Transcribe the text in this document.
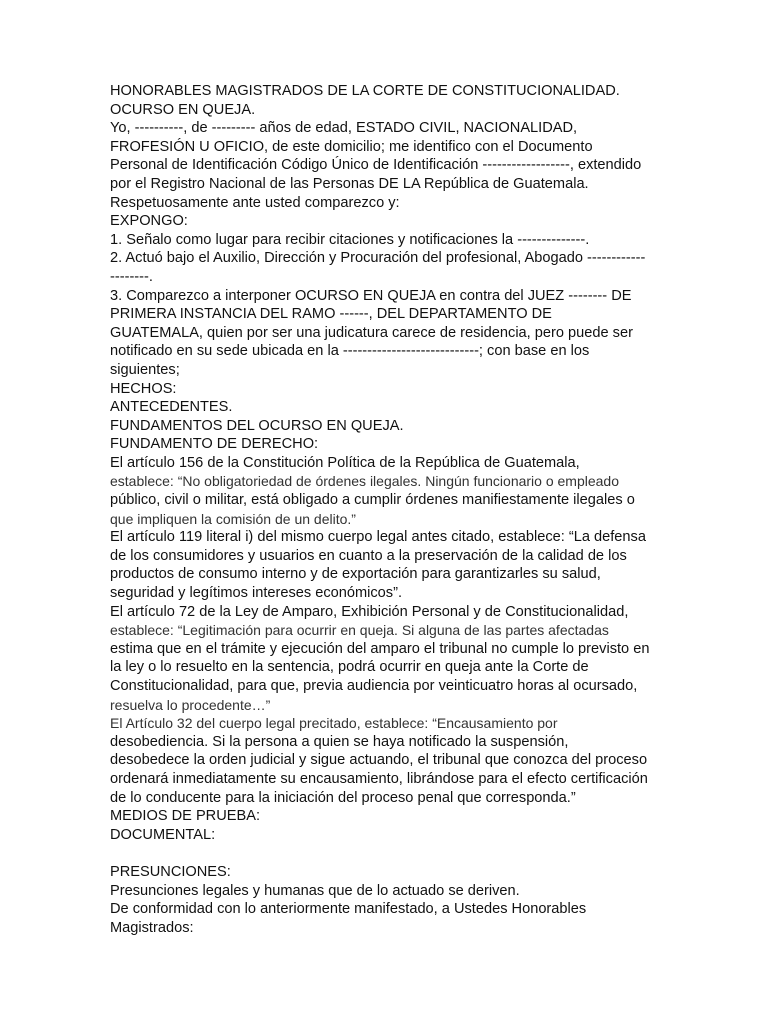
HONORABLES MAGISTRADOS DE LA CORTE DE CONSTITUCIONALIDAD.
OCURSO EN QUEJA.
Yo, ----------, de --------- años de edad, ESTADO CIVIL, NACIONALIDAD,
FROFESIÓN U OFICIO, de este domicilio; me identifico con el Documento
Personal de Identificación Código Único de Identificación ------------------, extendido
por el Registro Nacional de las Personas DE LA República de Guatemala.
Respetuosamente ante usted comparezco y:
EXPONGO:
1. Señalo como lugar para recibir citaciones y notificaciones la --------------.
2. Actuó bajo el Auxilio, Dirección y Procuración del profesional, Abogado ------------
--------.
3. Comparezco a interponer OCURSO EN QUEJA en contra del JUEZ -------- DE
PRIMERA INSTANCIA DEL RAMO ------, DEL DEPARTAMENTO DE
GUATEMALA, quien por ser una judicatura carece de residencia, pero puede ser
notificado en su sede ubicada en la ----------------------------; con base en los
siguientes;
HECHOS:
ANTECEDENTES.
FUNDAMENTOS DEL OCURSO EN QUEJA.
FUNDAMENTO DE DERECHO:
El artículo 156 de la Constitución Política de la República de Guatemala,
establece: “No obligatoriedad de órdenes ilegales. Ningún funcionario o empleado
público, civil o militar, está obligado a cumplir órdenes manifiestamente ilegales o
que impliquen la comisión de un delito.”
El artículo 119 literal i) del mismo cuerpo legal antes citado, establece: “La defensa
de los consumidores y usuarios en cuanto a la preservación de la calidad de los
productos de consumo interno y de exportación para garantizarles su salud,
seguridad y legítimos intereses económicos”.
El artículo 72 de la Ley de Amparo, Exhibición Personal y de Constitucionalidad,
establece: “Legitimación para ocurrir en queja. Si alguna de las partes afectadas
estima que en el trámite y ejecución del amparo el tribunal no cumple lo previsto en
la ley o lo resuelto en la sentencia, podrá ocurrir en queja ante la Corte de
Constitucionalidad, para que, previa audiencia por veinticuatro horas al ocursado,
resuelva lo procedente…”
El Artículo 32 del cuerpo legal precitado, establece: “Encausamiento por
desobediencia. Si la persona a quien se haya notificado la suspensión,
desobedece la orden judicial y sigue actuando, el tribunal que conozca del proceso
ordenará inmediatamente su encausamiento, librándose para el efecto certificación
de lo conducente para la iniciación del proceso penal que corresponda.”
MEDIOS DE PRUEBA:
DOCUMENTAL:
PRESUNCIONES:
Presunciones legales y humanas que de lo actuado se deriven.
De conformidad con lo anteriormente manifestado, a Ustedes Honorables
Magistrados:
